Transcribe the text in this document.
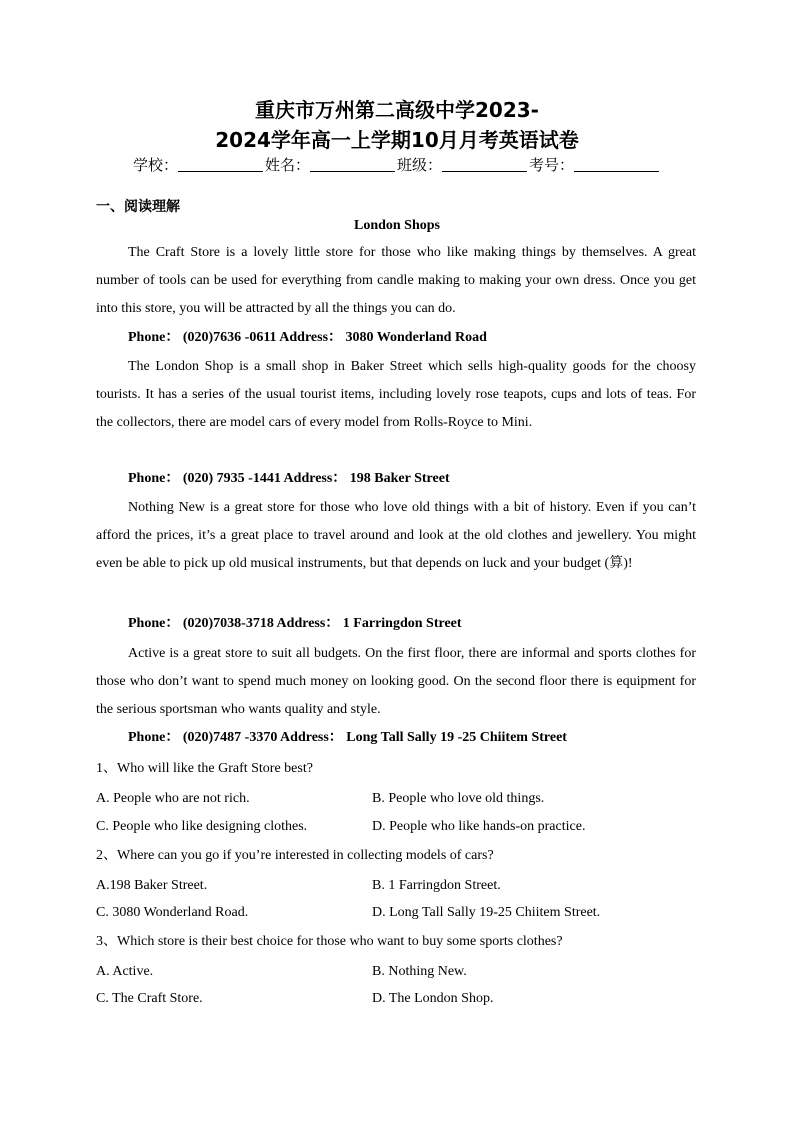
重庆市万州第二高级中学2023-
2024学年高一上学期10月月考英语试卷
学校：	姓名：	班级：	考号：
一、阅读理解
London Shops
The Craft Store is a lovely little store for those who like making things by themselves. A great number of tools can be used for everything from candle making to making your own dress. Once you get into this store, you will be attracted by all the things you can do.
Phone： (020)7636 -0611 Address： 3080 Wonderland Road
The London Shop is a small shop in Baker Street which sells high-quality goods for the choosy tourists. It has a series of the usual tourist items, including lovely rose teapots, cups and lots of teas. For the collectors, there are model cars of every model from Rolls-Royce to Mini.
Phone： (020) 7935 -1441 Address： 198 Baker Street
Nothing New is a great store for those who love old things with a bit of history. Even if you can’t afford the prices, it’s a great place to travel around and look at the old clothes and jewellery. You might even be able to pick up old musical instruments, but that depends on luck and your budget (算)!
Phone： (020)7038-3718 Address： 1 Farringdon Street
Active is a great store to suit all budgets. On the first floor, there are informal and sports clothes for those who don’t want to spend much money on looking good. On the second floor there is equipment for the serious sportsman who wants quality and style.
Phone： (020)7487 -3370 Address： Long Tall Sally 19 -25 Chiitem Street
1、Who will like the Graft Store best?
A. People who are not rich.	B. People who love old things.
C. People who like designing clothes.	D. People who like hands-on practice.
2、Where can you go if you’re interested in collecting models of cars?
A.198 Baker Street.	B. 1 Farringdon Street.
C. 3080 Wonderland Road.	D. Long Tall Sally 19-25 Chiitem Street.
3、Which store is their best choice for those who want to buy some sports clothes?
A. Active.	B. Nothing New.
C. The Craft Store.	D. The London Shop.
